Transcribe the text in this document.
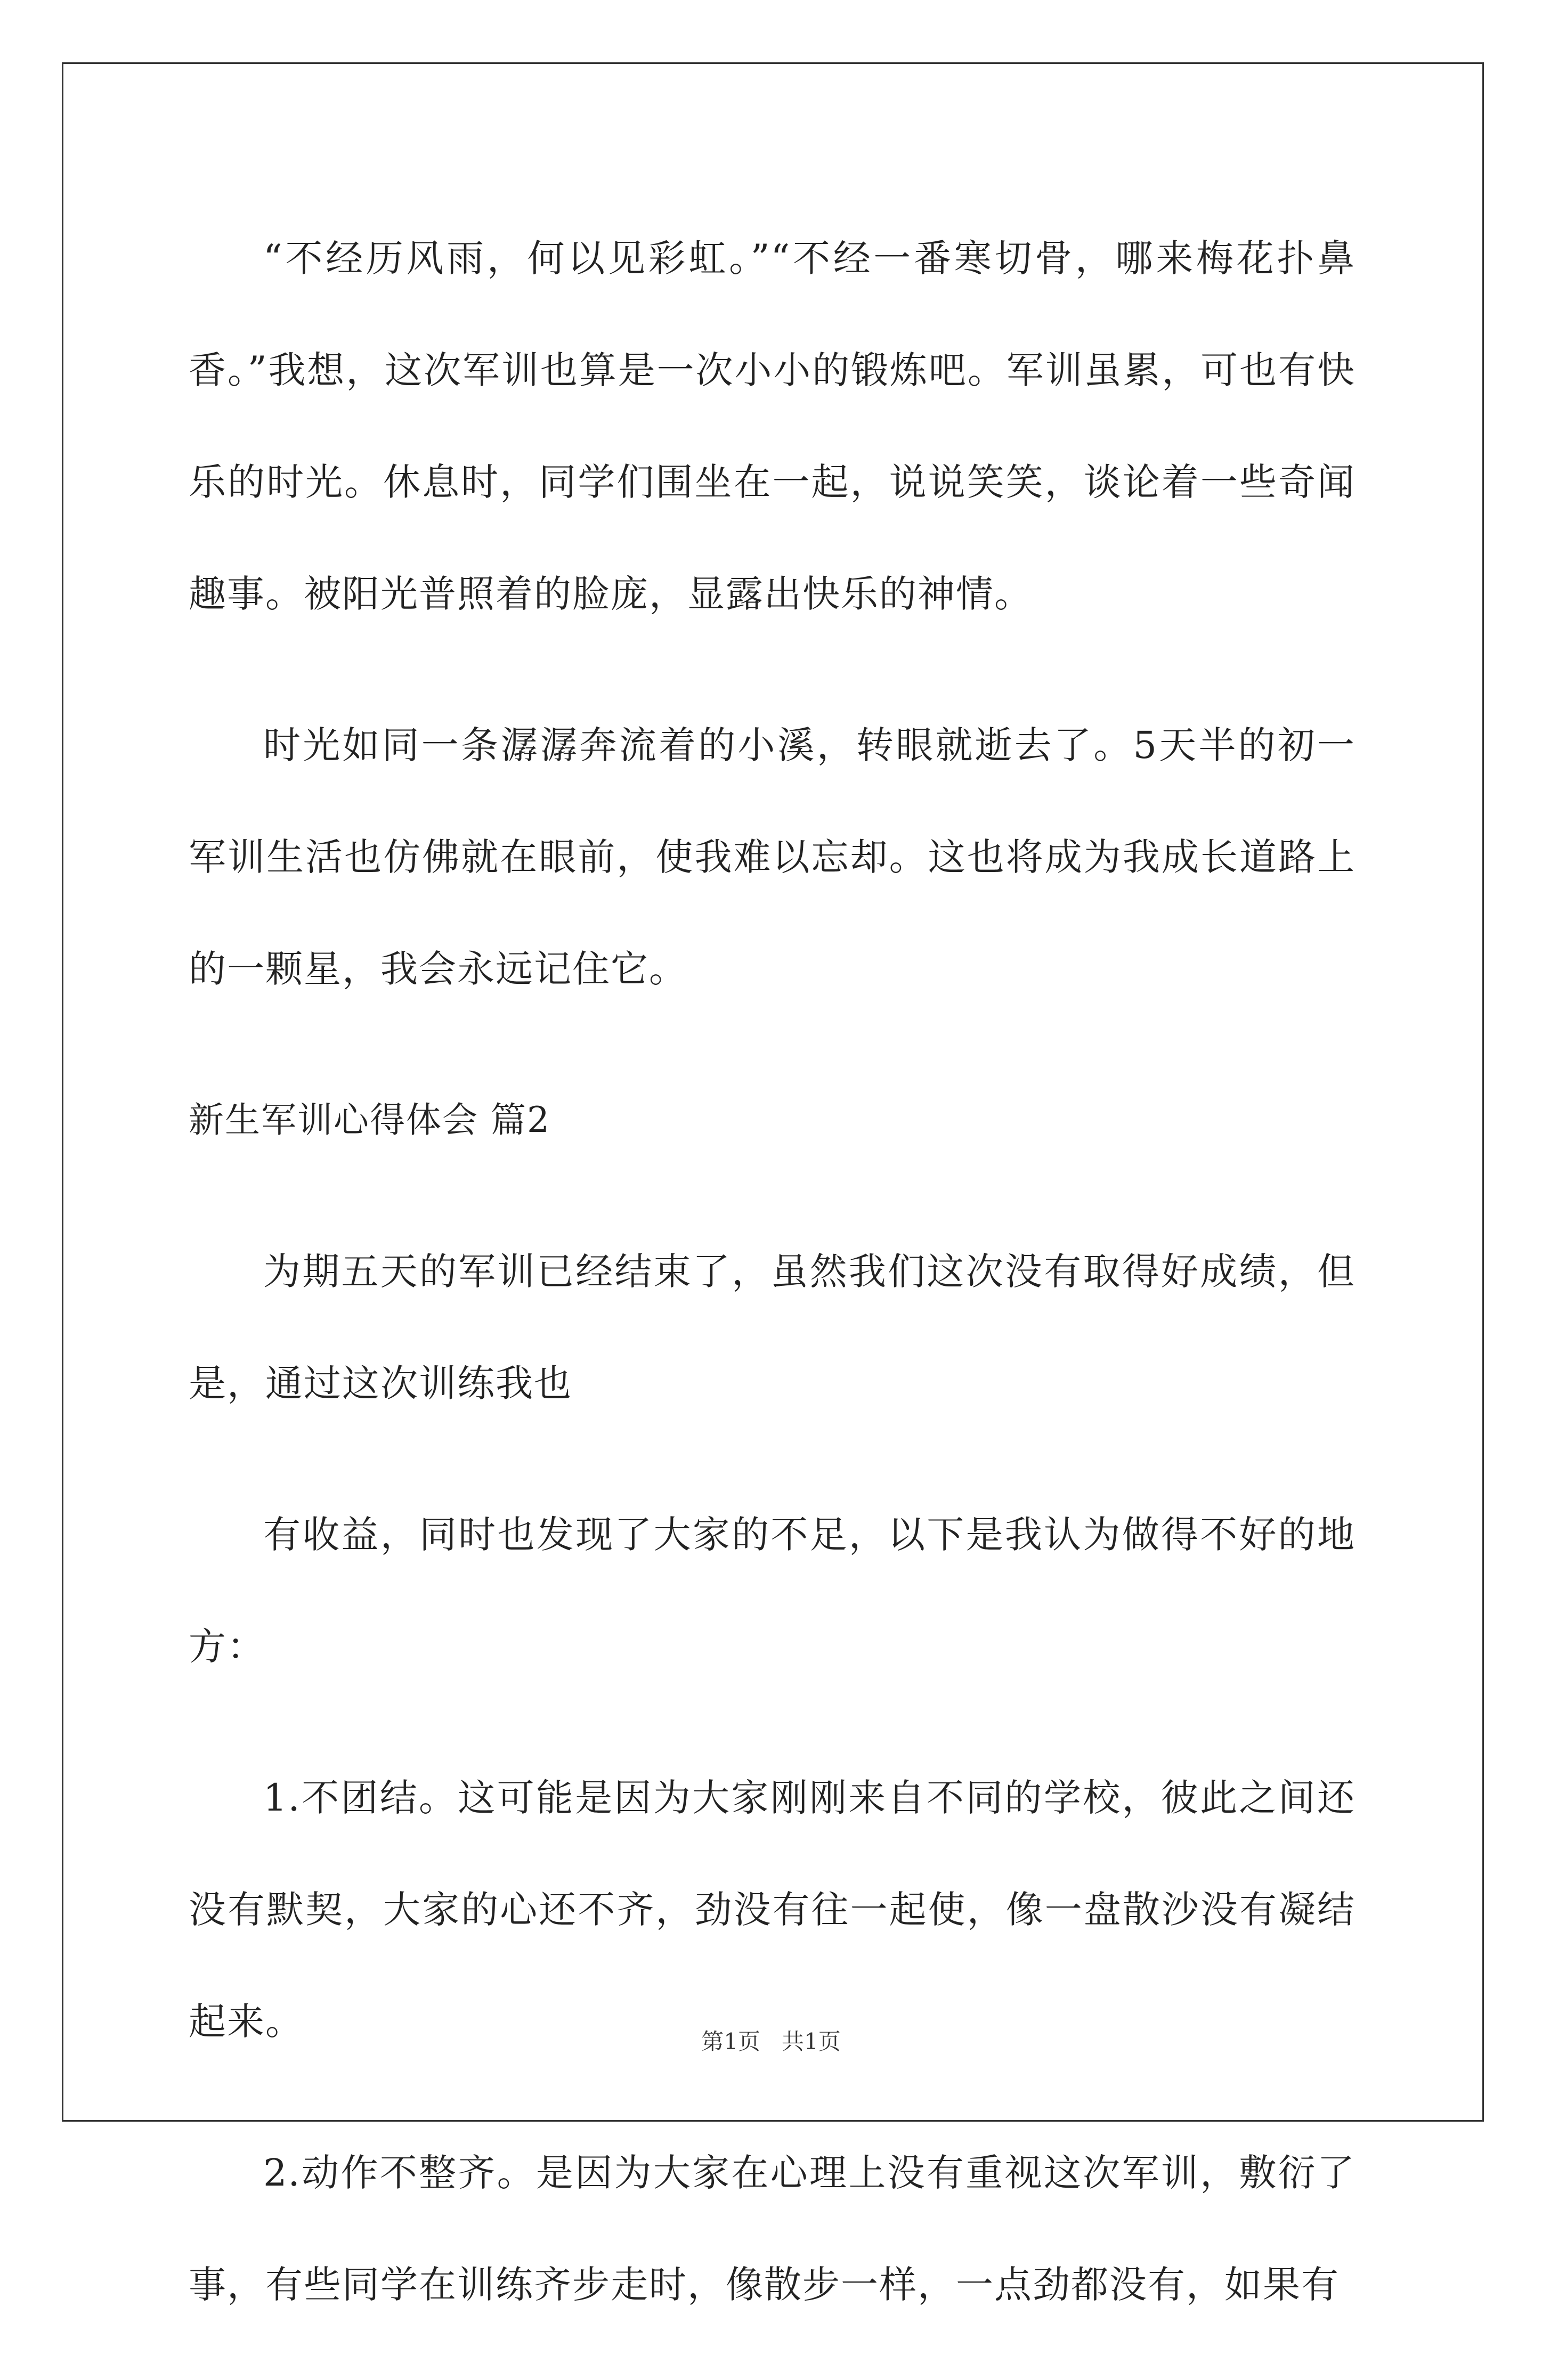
“不经历风雨，何以见彩虹。”“不经一番寒切骨，哪来梅花扑鼻香。”我想，这次军训也算是一次小小的锻炼吧。军训虽累，可也有快乐的时光。休息时，同学们围坐在一起，说说笑笑，谈论着一些奇闻趣事。被阳光普照着的脸庞，显露出快乐的神情。

时光如同一条潺潺奔流着的小溪，转眼就逝去了。5天半的初一军训生活也仿佛就在眼前，使我难以忘却。这也将成为我成长道路上的一颗星，我会永远记住它。

新生军训心得体会 篇2

为期五天的军训已经结束了，虽然我们这次没有取得好成绩，但是，通过这次训练我也

有收益，同时也发现了大家的不足，以下是我认为做得不好的地方：

1.不团结。这可能是因为大家刚刚来自不同的学校，彼此之间还没有默契，大家的心还不齐，劲没有往一起使，像一盘散沙没有凝结起来。

2.动作不整齐。是因为大家在心理上没有重视这次军训，敷衍了事，有些同学在训练齐步走时，像散步一样，一点劲都没有，如果有

第1页   共1页
